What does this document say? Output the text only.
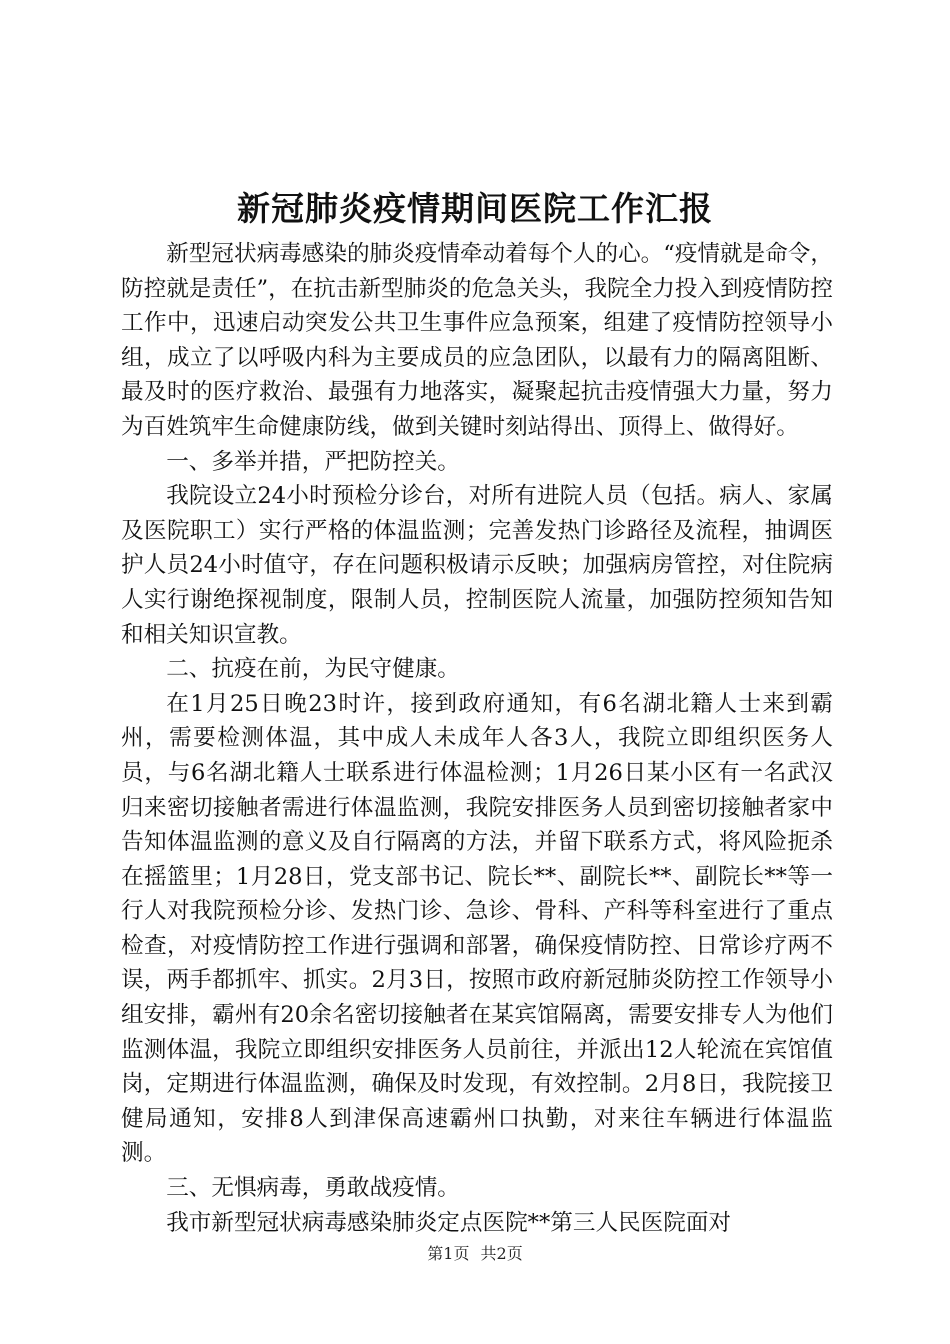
新冠肺炎疫情期间医院工作汇报

新型冠状病毒感染的肺炎疫情牵动着每个人的心。“疫情就是命令，防控就是责任”，在抗击新型肺炎的危急关头，我院全力投入到疫情防控工作中，迅速启动突发公共卫生事件应急预案，组建了疫情防控领导小组，成立了以呼吸内科为主要成员的应急团队，以最有力的隔离阻断、最及时的医疗救治、最强有力地落实，凝聚起抗击疫情强大力量，努力为百姓筑牢生命健康防线，做到关键时刻站得出、顶得上、做得好。

一、多举并措，严把防控关。

我院设立24小时预检分诊台，对所有进院人员（包括。病人、家属及医院职工）实行严格的体温监测；完善发热门诊路径及流程，抽调医护人员24小时值守，存在问题积极请示反映；加强病房管控，对住院病人实行谢绝探视制度，限制人员，控制医院人流量，加强防控须知告知和相关知识宣教。

二、抗疫在前，为民守健康。

在1月25日晚23时许，接到政府通知，有6名湖北籍人士来到霸州，需要检测体温，其中成人未成年人各3人，我院立即组织医务人员，与6名湖北籍人士联系进行体温检测；1月26日某小区有一名武汉归来密切接触者需进行体温监测，我院安排医务人员到密切接触者家中告知体温监测的意义及自行隔离的方法，并留下联系方式，将风险扼杀在摇篮里；1月28日，党支部书记、院长**、副院长**、副院长**等一行人对我院预检分诊、发热门诊、急诊、骨科、产科等科室进行了重点检查，对疫情防控工作进行强调和部署，确保疫情防控、日常诊疗两不误，两手都抓牢、抓实。2月3日，按照市政府新冠肺炎防控工作领导小组安排，霸州有20余名密切接触者在某宾馆隔离，需要安排专人为他们监测体温，我院立即组织安排医务人员前往，并派出12人轮流在宾馆值岗，定期进行体温监测，确保及时发现，有效控制。2月8日，我院接卫健局通知，安排8人到津保高速霸州口执勤，对来往车辆进行体温监测。

三、无惧病毒，勇敢战疫情。

我市新型冠状病毒感染肺炎定点医院**第三人民医院面对

第1页 共2页
